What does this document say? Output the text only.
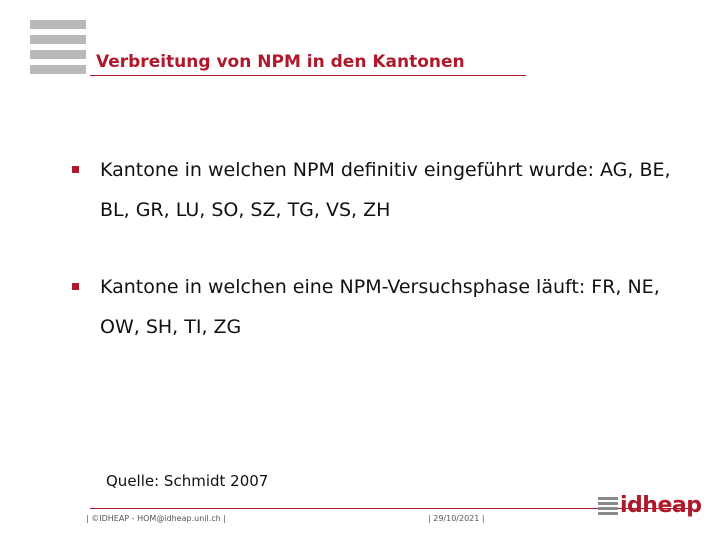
Verbreitung von NPM in den Kantonen
Kantone in welchen NPM definitiv eingeführt wurde: AG, BE, BL, GR, LU, SO, SZ, TG, VS, ZH
Kantone in welchen eine NPM-Versuchsphase läuft: FR, NE, OW, SH, TI, ZG
Quelle: Schmidt 2007
| ©IDHEAP - HOM@idheap.unil.ch |	| 29/10/2021 |
idheap
